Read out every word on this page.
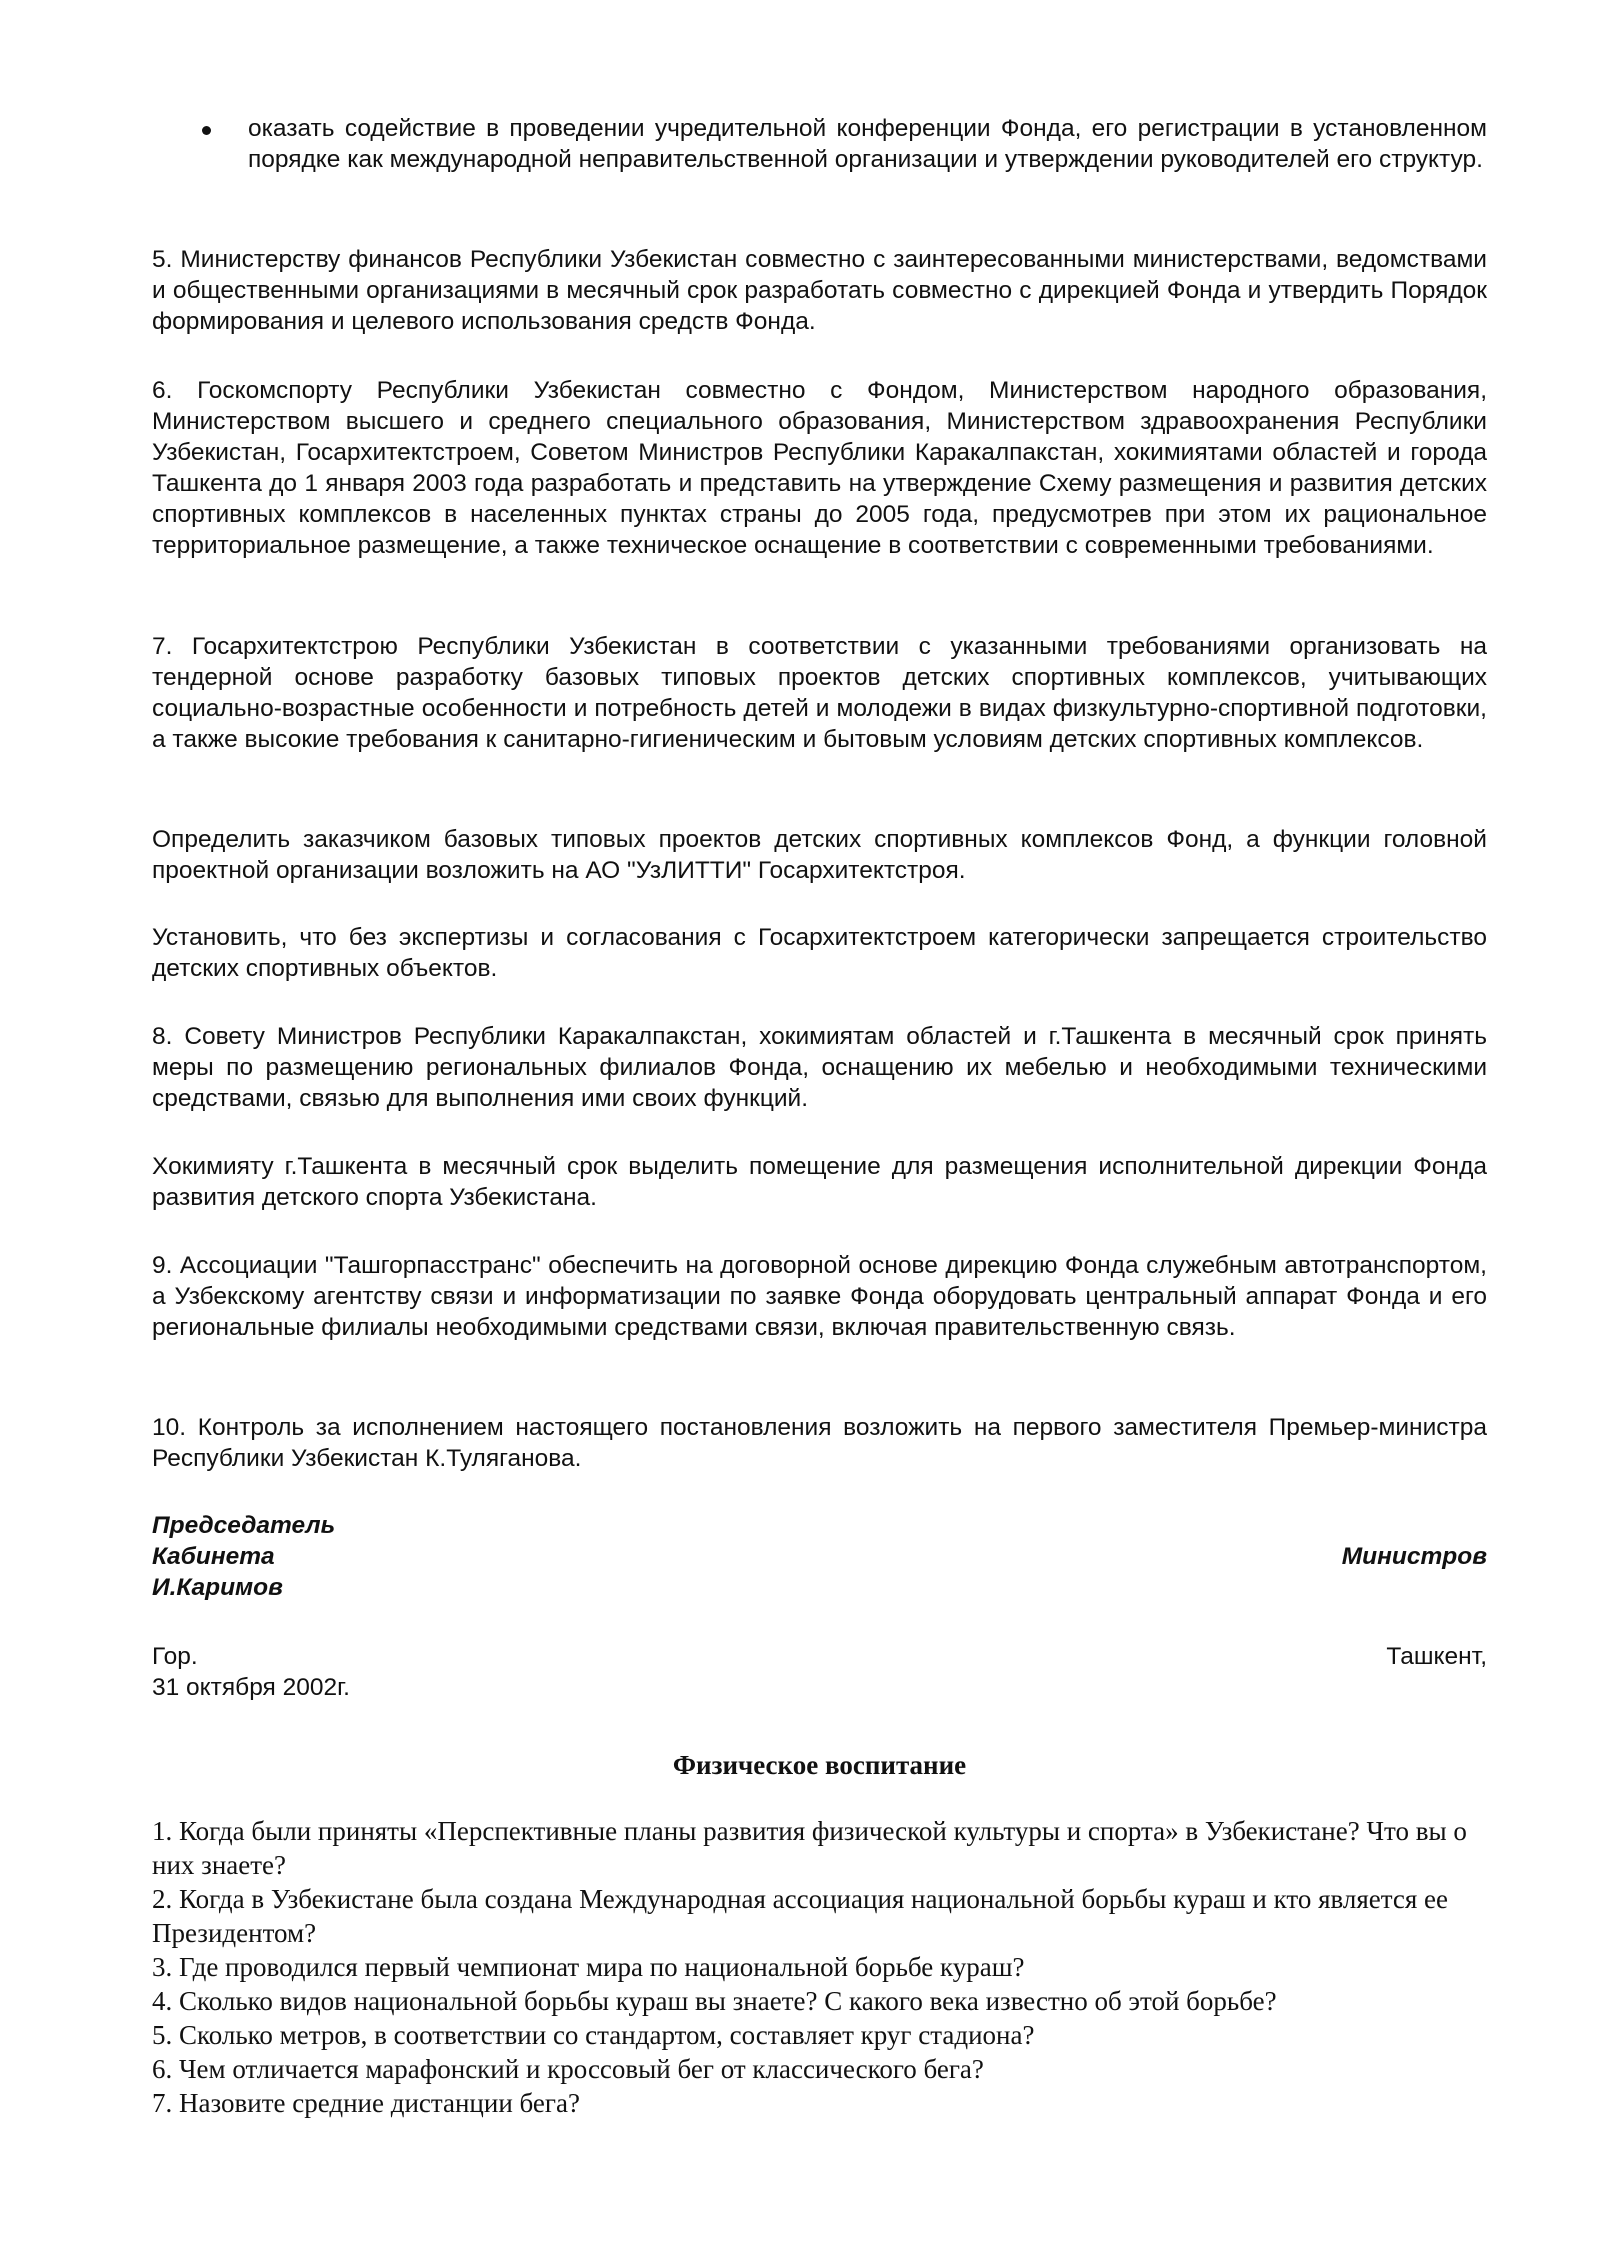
оказать содействие в проведении учредительной конференции Фонда, его регистрации в установленном порядке как международной неправительственной организации и утверждении руководителей его структур.

5. Министерству финансов Республики Узбекистан совместно с заинтересованными министерствами, ведомствами и общественными организациями в месячный срок разработать совместно с дирекцией Фонда и утвердить Порядок формирования и целевого использования средств Фонда.

6. Госкомспорту Республики Узбекистан совместно с Фондом, Министерством народного образования, Министерством высшего и среднего специального образования, Министерством здравоохранения Республики Узбекистан, Госархитектстроем, Советом Министров Республики Каракалпакстан, хокимиятами областей и города Ташкента до 1 января 2003 года разработать и представить на утверждение Схему размещения и развития детских спортивных комплексов в населенных пунктах страны до 2005 года, предусмотрев при этом их рациональное территориальное размещение, а также техническое оснащение в соответствии с современными требованиями.

7. Госархитектстрою Республики Узбекистан в соответствии с указанными требованиями организовать на тендерной основе разработку базовых типовых проектов детских спортивных комплексов, учитывающих социально-возрастные особенности и потребность детей и молодежи в видах физкультурно-спортивной подготовки, а также высокие требования к санитарно-гигиеническим и бытовым условиям детских спортивных комплексов.

Определить заказчиком базовых типовых проектов детских спортивных комплексов Фонд, а функции головной проектной организации возложить на АО "УзЛИТТИ" Госархитектстроя.

Установить, что без экспертизы и согласования с Госархитектстроем категорически запрещается строительство детских спортивных объектов.

8. Совету Министров Республики Каракалпакстан, хокимиятам областей и г.Ташкента в месячный срок принять меры по размещению региональных филиалов Фонда, оснащению их мебелью и необходимыми техническими средствами, связью для выполнения ими своих функций.

Хокимияту г.Ташкента в месячный срок выделить помещение для размещения исполнительной дирекции Фонда развития детского спорта Узбекистана.

9. Ассоциации "Ташгорпасстранс" обеспечить на договорной основе дирекцию Фонда служебным автотранспортом, а Узбекскому агентству связи и информатизации по заявке Фонда оборудовать центральный аппарат Фонда и его региональные филиалы необходимыми средствами связи, включая правительственную связь.

10. Контроль за исполнением настоящего постановления возложить на первого заместителя Премьер-министра Республики Узбекистан К.Туляганова.

Председатель

Кабинета	Министров

И.Каримов

Гор.	Ташкент,

31 октября 2002г.

Физическое воспитание

1. Когда были приняты «Перспективные планы развития физической культуры и спорта» в Узбекистане? Что вы о них знаете?
2. Когда в Узбекистане была создана Международная ассоциация национальной борьбы кураш и кто является ее Президентом?
3. Где проводился первый чемпионат мира по национальной борьбе кураш?
4. Сколько видов национальной борьбы кураш вы знаете? С какого века известно об этой борьбе?
5. Сколько метров, в соответствии со стандартом, составляет круг стадиона?
6. Чем отличается марафонский и кроссовый бег от классического бега?
7. Назовите средние дистанции бега?
